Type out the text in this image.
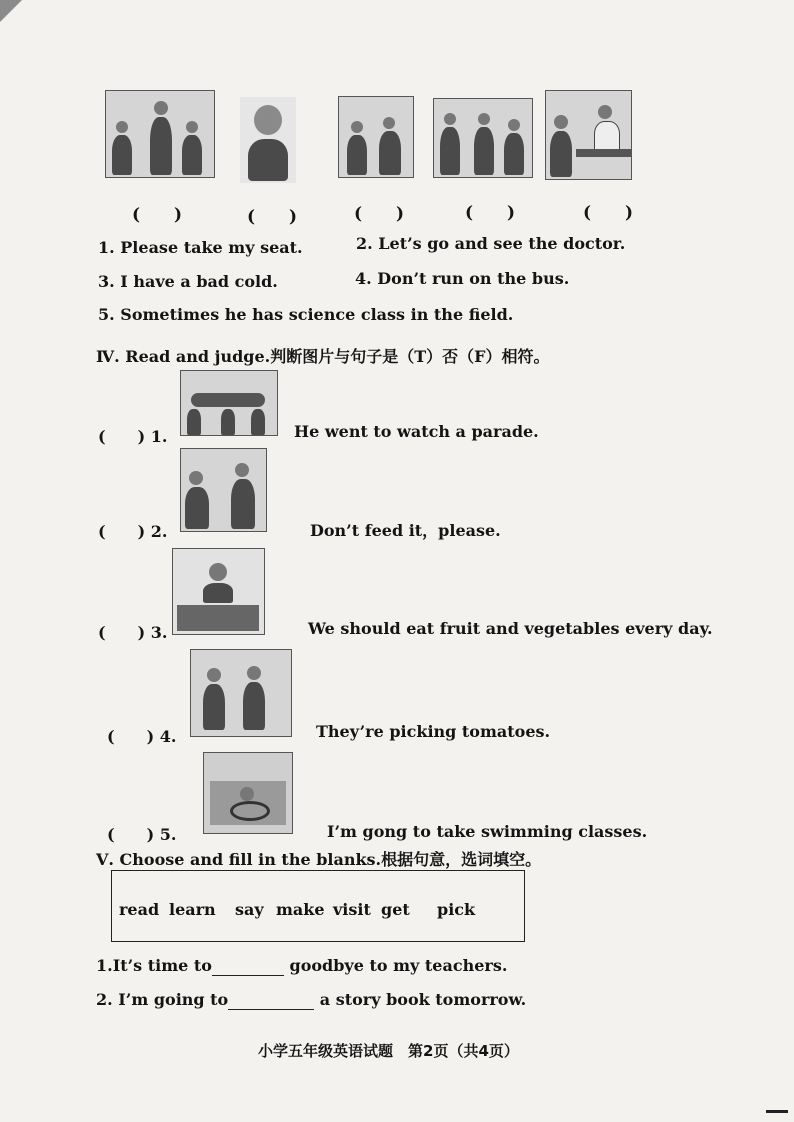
(　　)	(　　)	(　　)	(　　)	(　　)
1. Please take my seat.	2. Let’s go and see the doctor.
3. I have a bad cold.	4. Don’t run on the bus.
5. Sometimes he has science class in the field.
Ⅳ. Read and judge.判断图片与句子是（T）否（F）相符。
(　　) 1.	He went to watch a parade.
(　　) 2.	Don’t feed it，please.
(　　) 3.	We should eat fruit and vegetables every day.
(　　) 4.	They’re picking tomatoes.
(　　) 5.	I’m gong to take swimming classes.
Ⅴ. Choose and fill in the blanks.根据句意，选词填空。
read learn say make visit get pick
1.It’s time to	goodbye to my teachers.
2. I’m going to	a story book tomorrow.
小学五年级英语试题　第2页（共4页）
